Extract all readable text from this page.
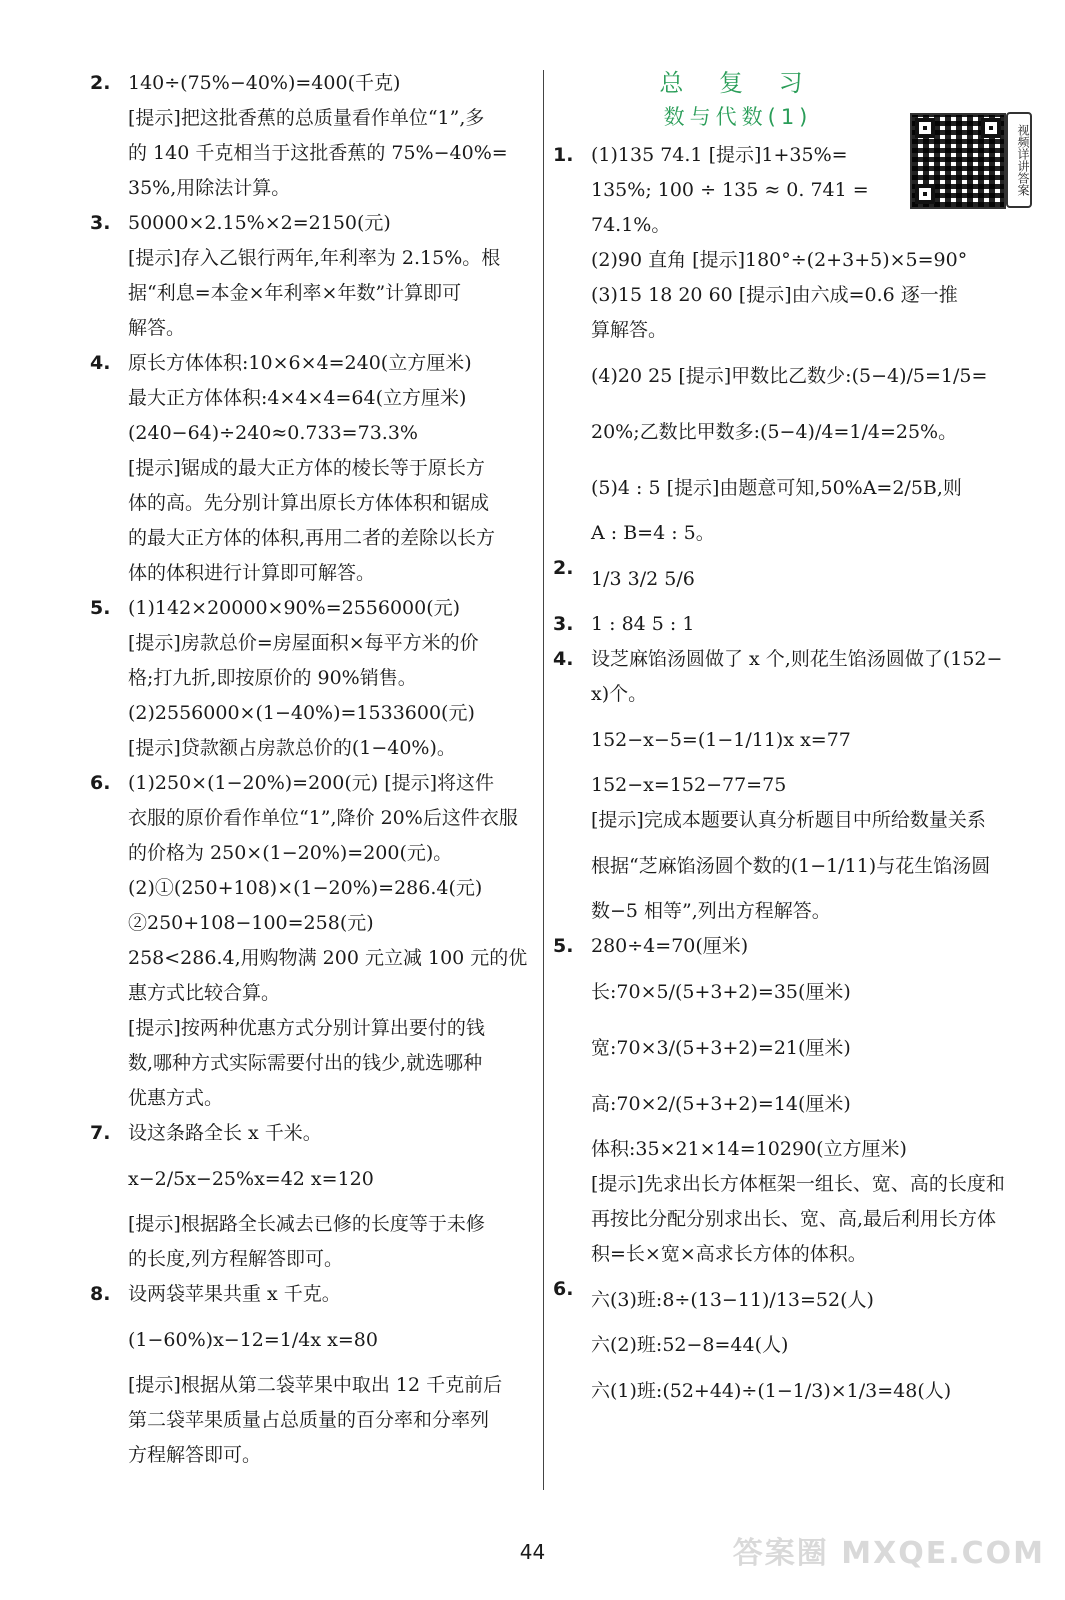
2. 140÷(75%−40%)=400(千克)
[提示]把这批香蕉的总质量看作单位“1”,多
的 140 千克相当于这批香蕉的 75%−40%=
35%,用除法计算。
3. 50000×2.15%×2=2150(元)
[提示]存入乙银行两年,年利率为 2.15%。根
据“利息=本金×年利率×年数”计算即可
解答。
4. 原长方体体积:10×6×4=240(立方厘米)
最大正方体体积:4×4×4=64(立方厘米)
(240−64)÷240≈0.733=73.3%
[提示]锯成的最大正方体的棱长等于原长方
体的高。先分别计算出原长方体体积和锯成
的最大正方体的体积,再用二者的差除以长方
体的体积进行计算即可解答。
5. (1)142×20000×90%=2556000(元)
[提示]房款总价=房屋面积×每平方米的价
格;打九折,即按原价的 90%销售。
(2)2556000×(1−40%)=1533600(元)
[提示]贷款额占房款总价的(1−40%)。
6. (1)250×(1−20%)=200(元) [提示]将这件
衣服的原价看作单位“1”,降价 20%后这件衣服
的价格为 250×(1−20%)=200(元)。
(2)①(250+108)×(1−20%)=286.4(元)
②250+108−100=258(元)
258<286.4,用购物满 200 元立减 100 元的优
惠方式比较合算。
[提示]按两种优惠方式分别计算出要付的钱
数,哪种方式实际需要付出的钱少,就选哪种
优惠方式。
7. 设这条路全长 x 千米。
x−2/5x−25%x=42 x=120
[提示]根据路全长减去已修的长度等于未修
的长度,列方程解答即可。
8. 设两袋苹果共重 x 千克。
(1−60%)x−12=1/4x x=80
[提示]根据从第二袋苹果中取出 12 千克前后
第二袋苹果质量占总质量的百分率和分率列
方程解答即可。
总 复 习
数与代数(1)
1. (1)135 74.1 [提示]1+35%=
135%; 100 ÷ 135 ≈ 0. 741 =
74.1%。
(2)90 直角 [提示]180°÷(2+3+5)×5=90°
(3)15 18 20 60 [提示]由六成=0.6 逐一推
算解答。
(4)20 25 [提示]甲数比乙数少:(5−4)/5=1/5=
20%;乙数比甲数多:(5−4)/4=1/4=25%。
(5)4 : 5 [提示]由题意可知,50%A=2/5B,则
A : B=4 : 5。
2. 1/3 3/2 5/6
3. 1 : 84 5 : 1
4. 设芝麻馅汤圆做了 x 个,则花生馅汤圆做了(152−
x)个。
152−x−5=(1−1/11)x x=77
152−x=152−77=75
[提示]完成本题要认真分析题目中所给数量关系
根据“芝麻馅汤圆个数的(1−1/11)与花生馅汤圆
数−5 相等”,列出方程解答。
5. 280÷4=70(厘米)
长:70×5/(5+3+2)=35(厘米)
宽:70×3/(5+3+2)=21(厘米)
高:70×2/(5+3+2)=14(厘米)
体积:35×21×14=10290(立方厘米)
[提示]先求出长方体框架一组长、宽、高的长度和
再按比分配分别求出长、宽、高,最后利用长方体
积=长×宽×高求长方体的体积。
6. 六(3)班:8÷(13−11)/13=52(人)
六(2)班:52−8=44(人)
六(1)班:(52+44)÷(1−1/3)×1/3=48(人)
视频详讲答案
44	答案圈 MXQE.COM
